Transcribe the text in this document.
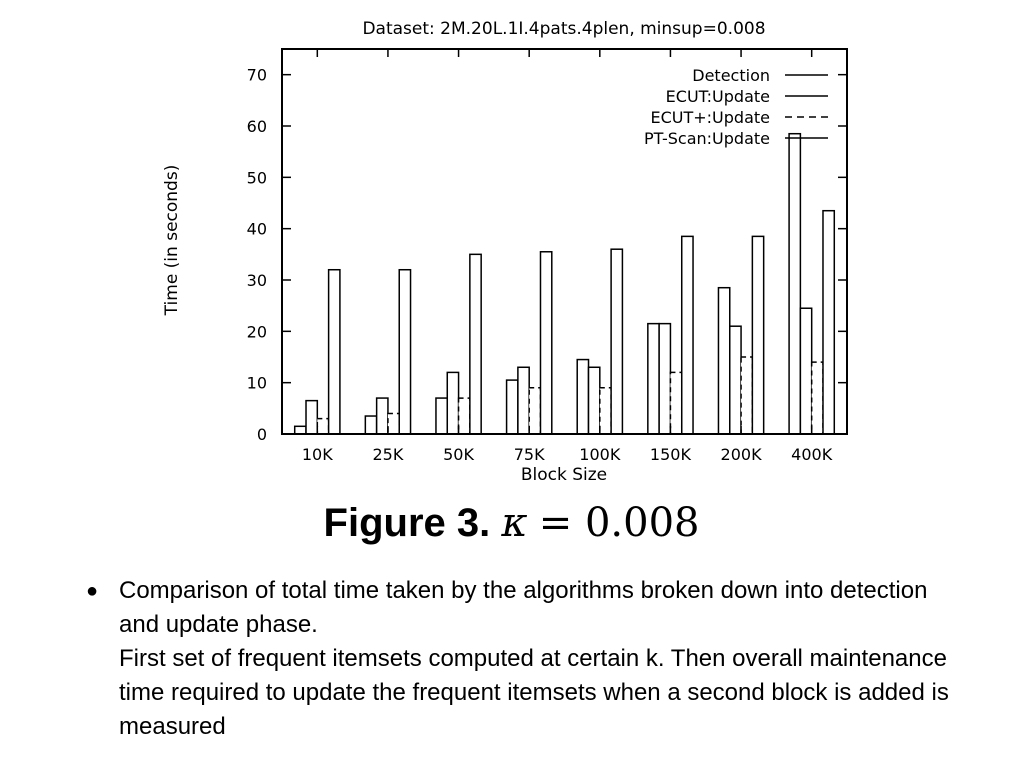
Dataset: 2M.20L.1I.4pats.4plen, minsup=0.008
0
10
20
30
40
50
60
70
10K 25K 50K 75K 100K 150K 200K 400K
Block Size
Time (in seconds)
Detection
ECUT:Update
ECUT+:Update
PT-Scan:Update
Figure 3. κ = 0.008
● Comparison of total time taken by the algorithms broken down into detection and update phase.

First set of frequent itemsets computed at certain k. Then overall maintenance time required to update the frequent itemsets when a second block is added is measured
